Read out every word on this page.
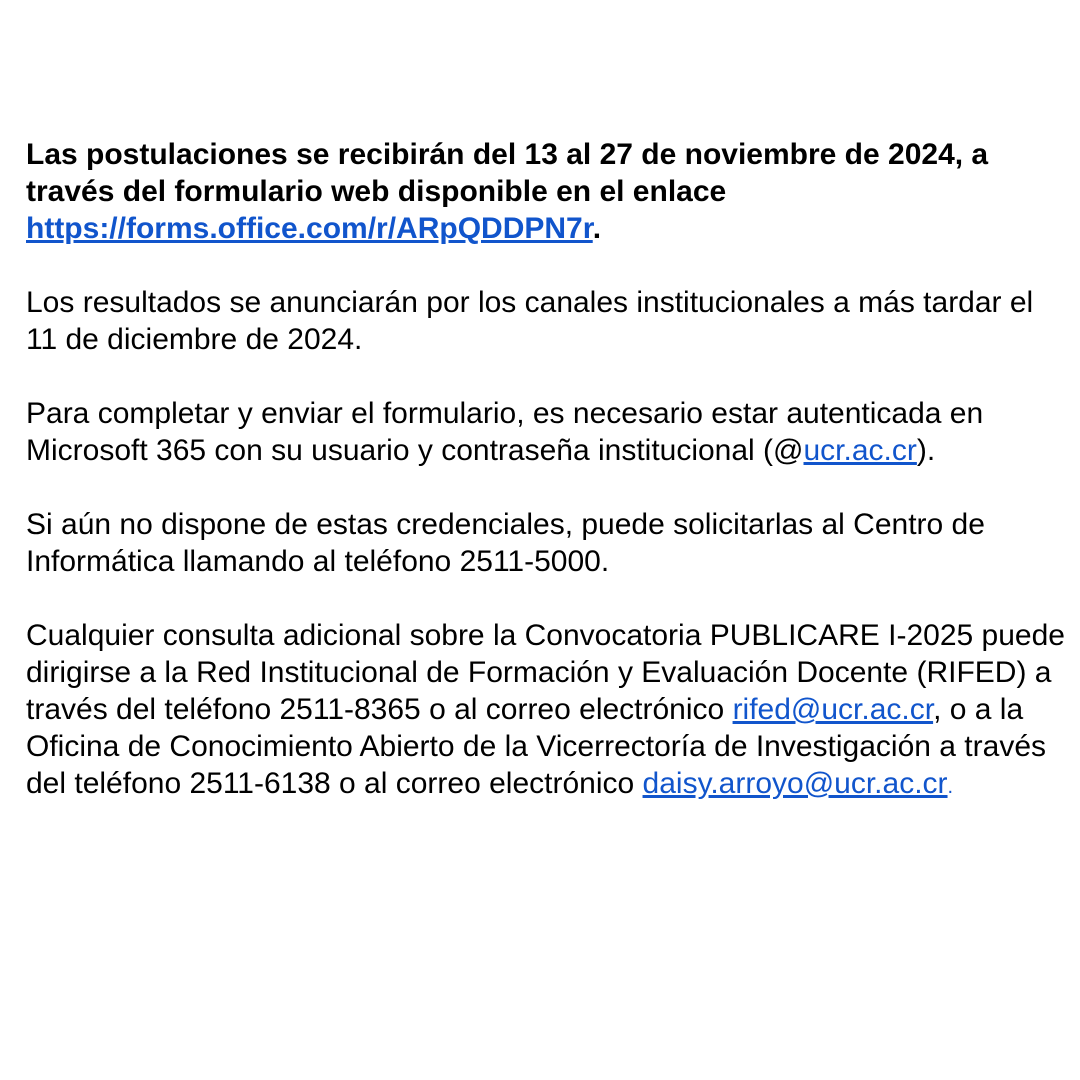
Las postulaciones se recibirán del 13 al 27 de noviembre de 2024, a través del formulario web disponible en el enlace https://forms.office.com/r/ARpQDDPN7r.

Los resultados se anunciarán por los canales institucionales a más tardar el 11 de diciembre de 2024.

Para completar y enviar el formulario, es necesario estar autenticada en Microsoft 365 con su usuario y contraseña institucional (@ucr.ac.cr).

Si aún no dispone de estas credenciales, puede solicitarlas al Centro de Informática llamando al teléfono 2511-5000.

Cualquier consulta adicional sobre la Convocatoria PUBLICARE I-2025 puede dirigirse a la Red Institucional de Formación y Evaluación Docente (RIFED) a través del teléfono 2511-8365 o al correo electrónico rifed@ucr.ac.cr, o a la Oficina de Conocimiento Abierto de la Vicerrectoría de Investigación a través del teléfono 2511-6138 o al correo electrónico daisy.arroyo@ucr.ac.cr.
